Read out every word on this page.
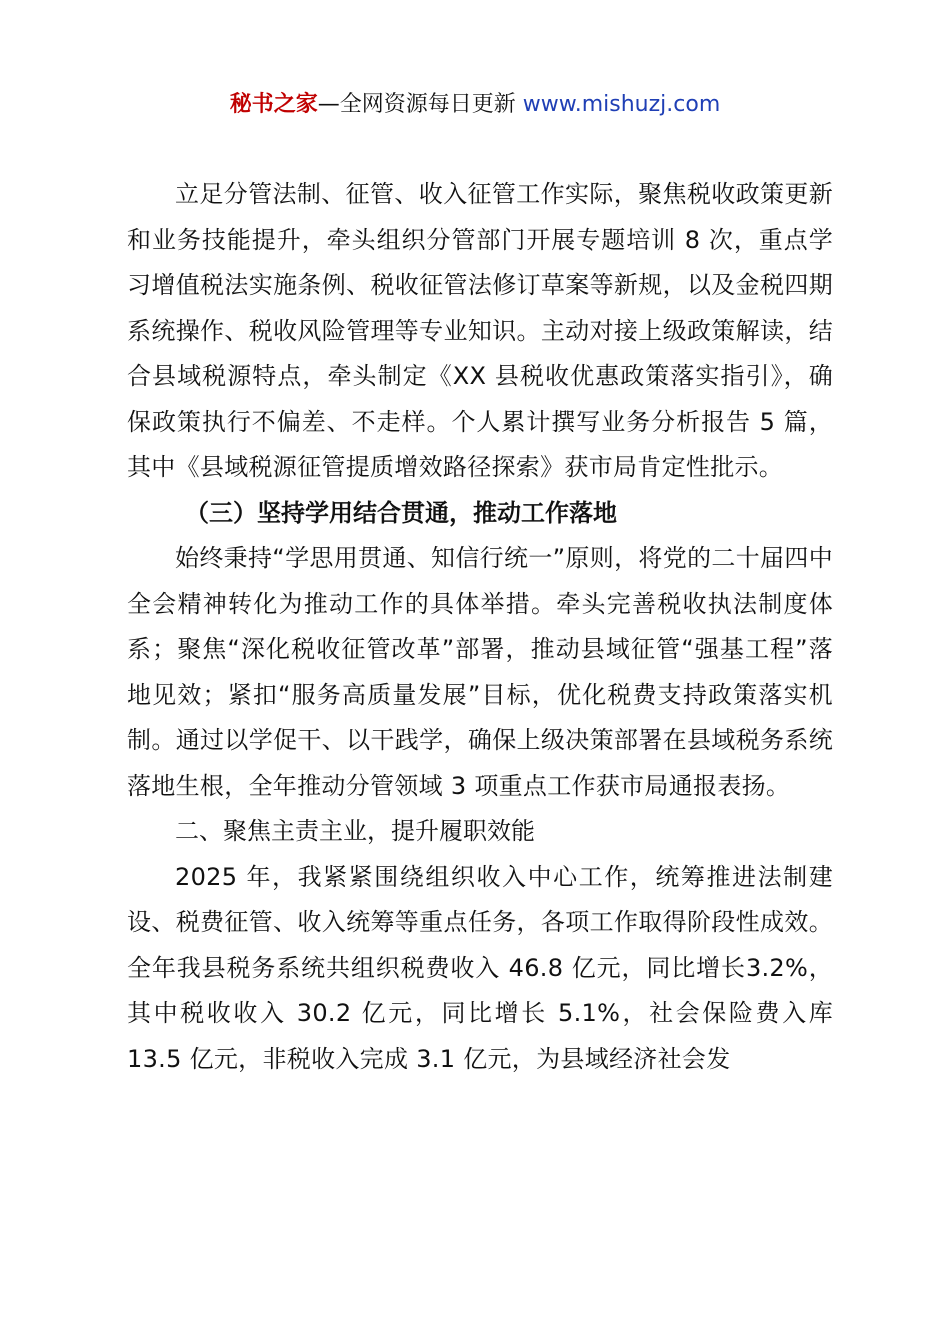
秘书之家—全网资源每日更新 www.mishuzj.com

立足分管法制、征管、收入征管工作实际，聚焦税收政策更新和业务技能提升，牵头组织分管部门开展专题培训 8 次，重点学习增值税法实施条例、税收征管法修订草案等新规，以及金税四期系统操作、税收风险管理等专业知识。主动对接上级政策解读，结合县域税源特点，牵头制定《XX 县税收优惠政策落实指引》，确保政策执行不偏差、不走样。个人累计撰写业务分析报告 5 篇，其中《县域税源征管提质增效路径探索》获市局肯定性批示。

（三）坚持学用结合贯通，推动工作落地

始终秉持“学思用贯通、知信行统一”原则，将党的二十届四中全会精神转化为推动工作的具体举措。牵头完善税收执法制度体系；聚焦“深化税收征管改革”部署，推动县域征管“强基工程”落地见效；紧扣“服务高质量发展”目标，优化税费支持政策落实机制。通过以学促干、以干践学，确保上级决策部署在县域税务系统落地生根，全年推动分管领域 3 项重点工作获市局通报表扬。

二、聚焦主责主业，提升履职效能

2025 年，我紧紧围绕组织收入中心工作，统筹推进法制建设、税费征管、收入统筹等重点任务，各项工作取得阶段性成效。全年我县税务系统共组织税费收入 46.8 亿元，同比增长3.2%，其中税收收入 30.2 亿元，同比增长 5.1%，社会保险费入库 13.5 亿元，非税收入完成 3.1 亿元，为县域经济社会发
